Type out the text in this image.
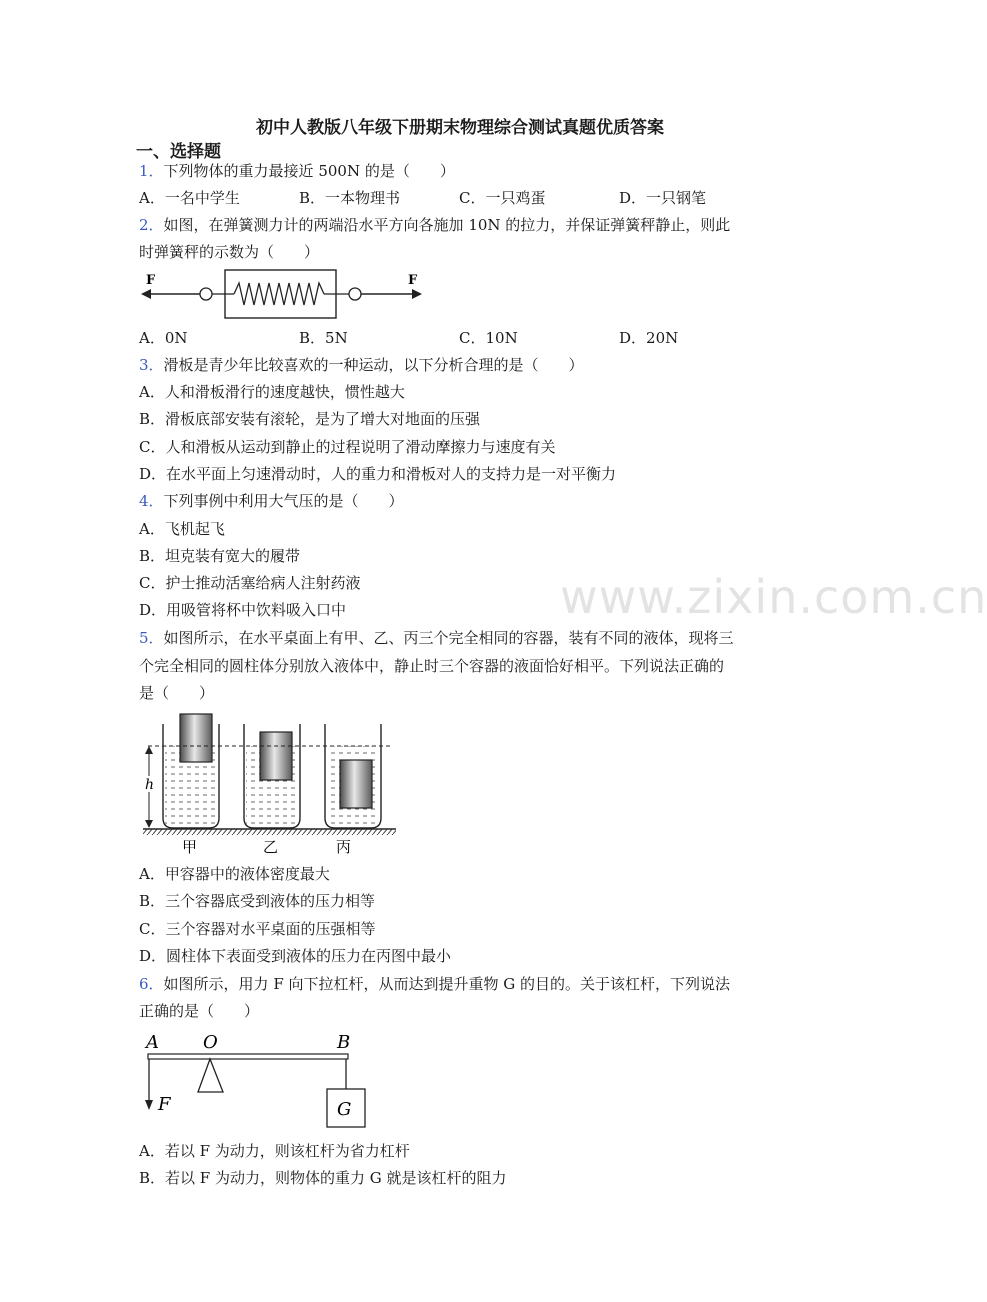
www.zixin.com.cn
初中人教版八年级下册期末物理综合测试真题优质答案
一、选择题
1．下列物体的重力最接近 500N 的是（　　）
A．一名中学生	B．一本物理书	C．一只鸡蛋	D．一只钢笔
2．如图，在弹簧测力计的两端沿水平方向各施加 10N 的拉力，并保证弹簧秤静止，则此
时弹簧秤的示数为（　　）
F	F
A．0N	B．5N	C．10N	D．20N
3．滑板是青少年比较喜欢的一种运动，以下分析合理的是（　　）
A．人和滑板滑行的速度越快，惯性越大
B．滑板底部安装有滚轮，是为了增大对地面的压强
C．人和滑板从运动到静止的过程说明了滑动摩擦力与速度有关
D．在水平面上匀速滑动时，人的重力和滑板对人的支持力是一对平衡力
4．下列事例中利用大气压的是（　　）
A．飞机起飞
B．坦克装有宽大的履带
C．护士推动活塞给病人注射药液
D．用吸管将杯中饮料吸入口中
5．如图所示，在水平桌面上有甲、乙、丙三个完全相同的容器，装有不同的液体，现将三
个完全相同的圆柱体分别放入液体中，静止时三个容器的液面恰好相平。下列说法正确的
是（　　）
h
甲	乙	丙
A．甲容器中的液体密度最大
B．三个容器底受到液体的压力相等
C．三个容器对水平桌面的压强相等
D．圆柱体下表面受到液体的压力在丙图中最小
6．如图所示，用力 F 向下拉杠杆，从而达到提升重物 G 的目的。关于该杠杆，下列说法
正确的是（　　）
A O	B
F	G
A．若以 F 为动力，则该杠杆为省力杠杆
B．若以 F 为动力，则物体的重力 G 就是该杠杆的阻力
